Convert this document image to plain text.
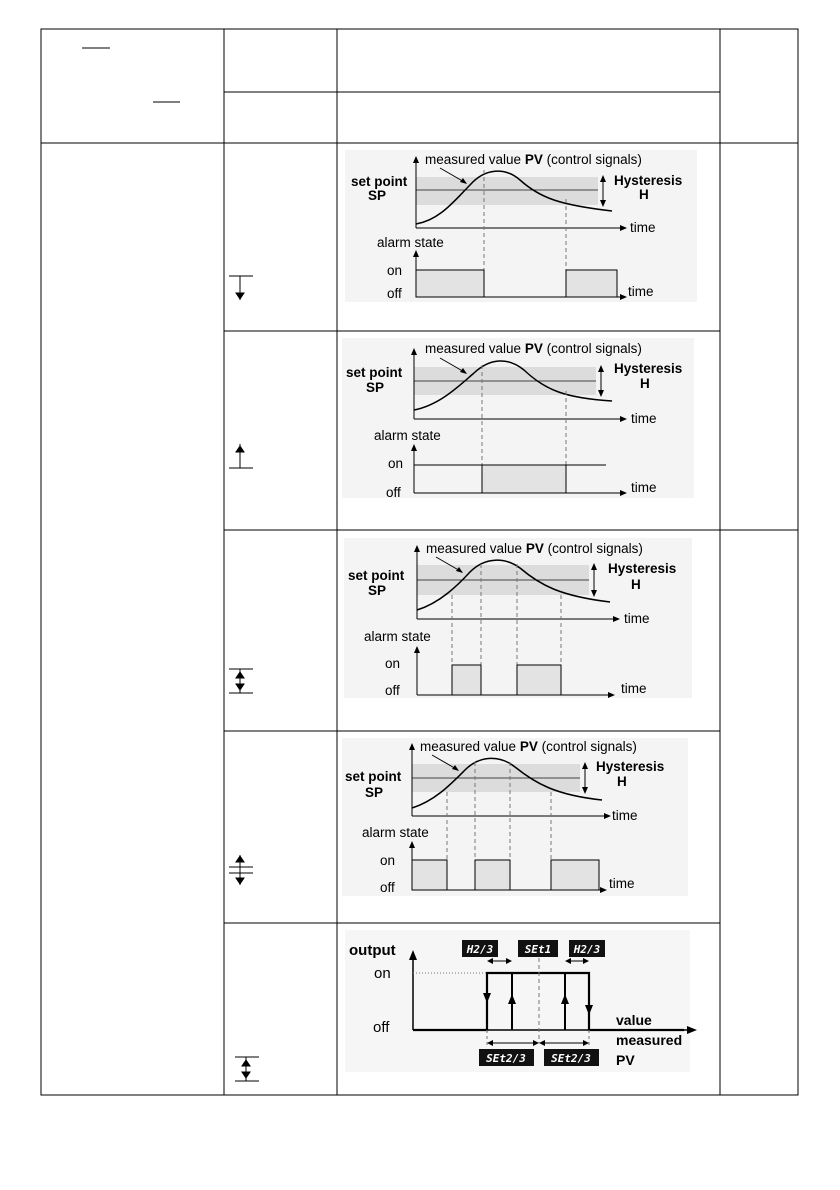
measured value PV (control signals)
set point
SP
Hysteresis
H
time
alarm state
on
off	time
measured value PV (control signals)
set point
SP
Hysteresis
H
time
alarm state
on
off	time
measured value PV (control signals)
set point
SP
Hysteresis
H
time
alarm state
on
off	time
measured value PV (control signals)
set point
SP
Hysteresis
H
time
alarm state
on
off	time
H2/3	SEt1 H2/3
SEt2/3 SEt2/3
output
on
off	value
measured
PV
